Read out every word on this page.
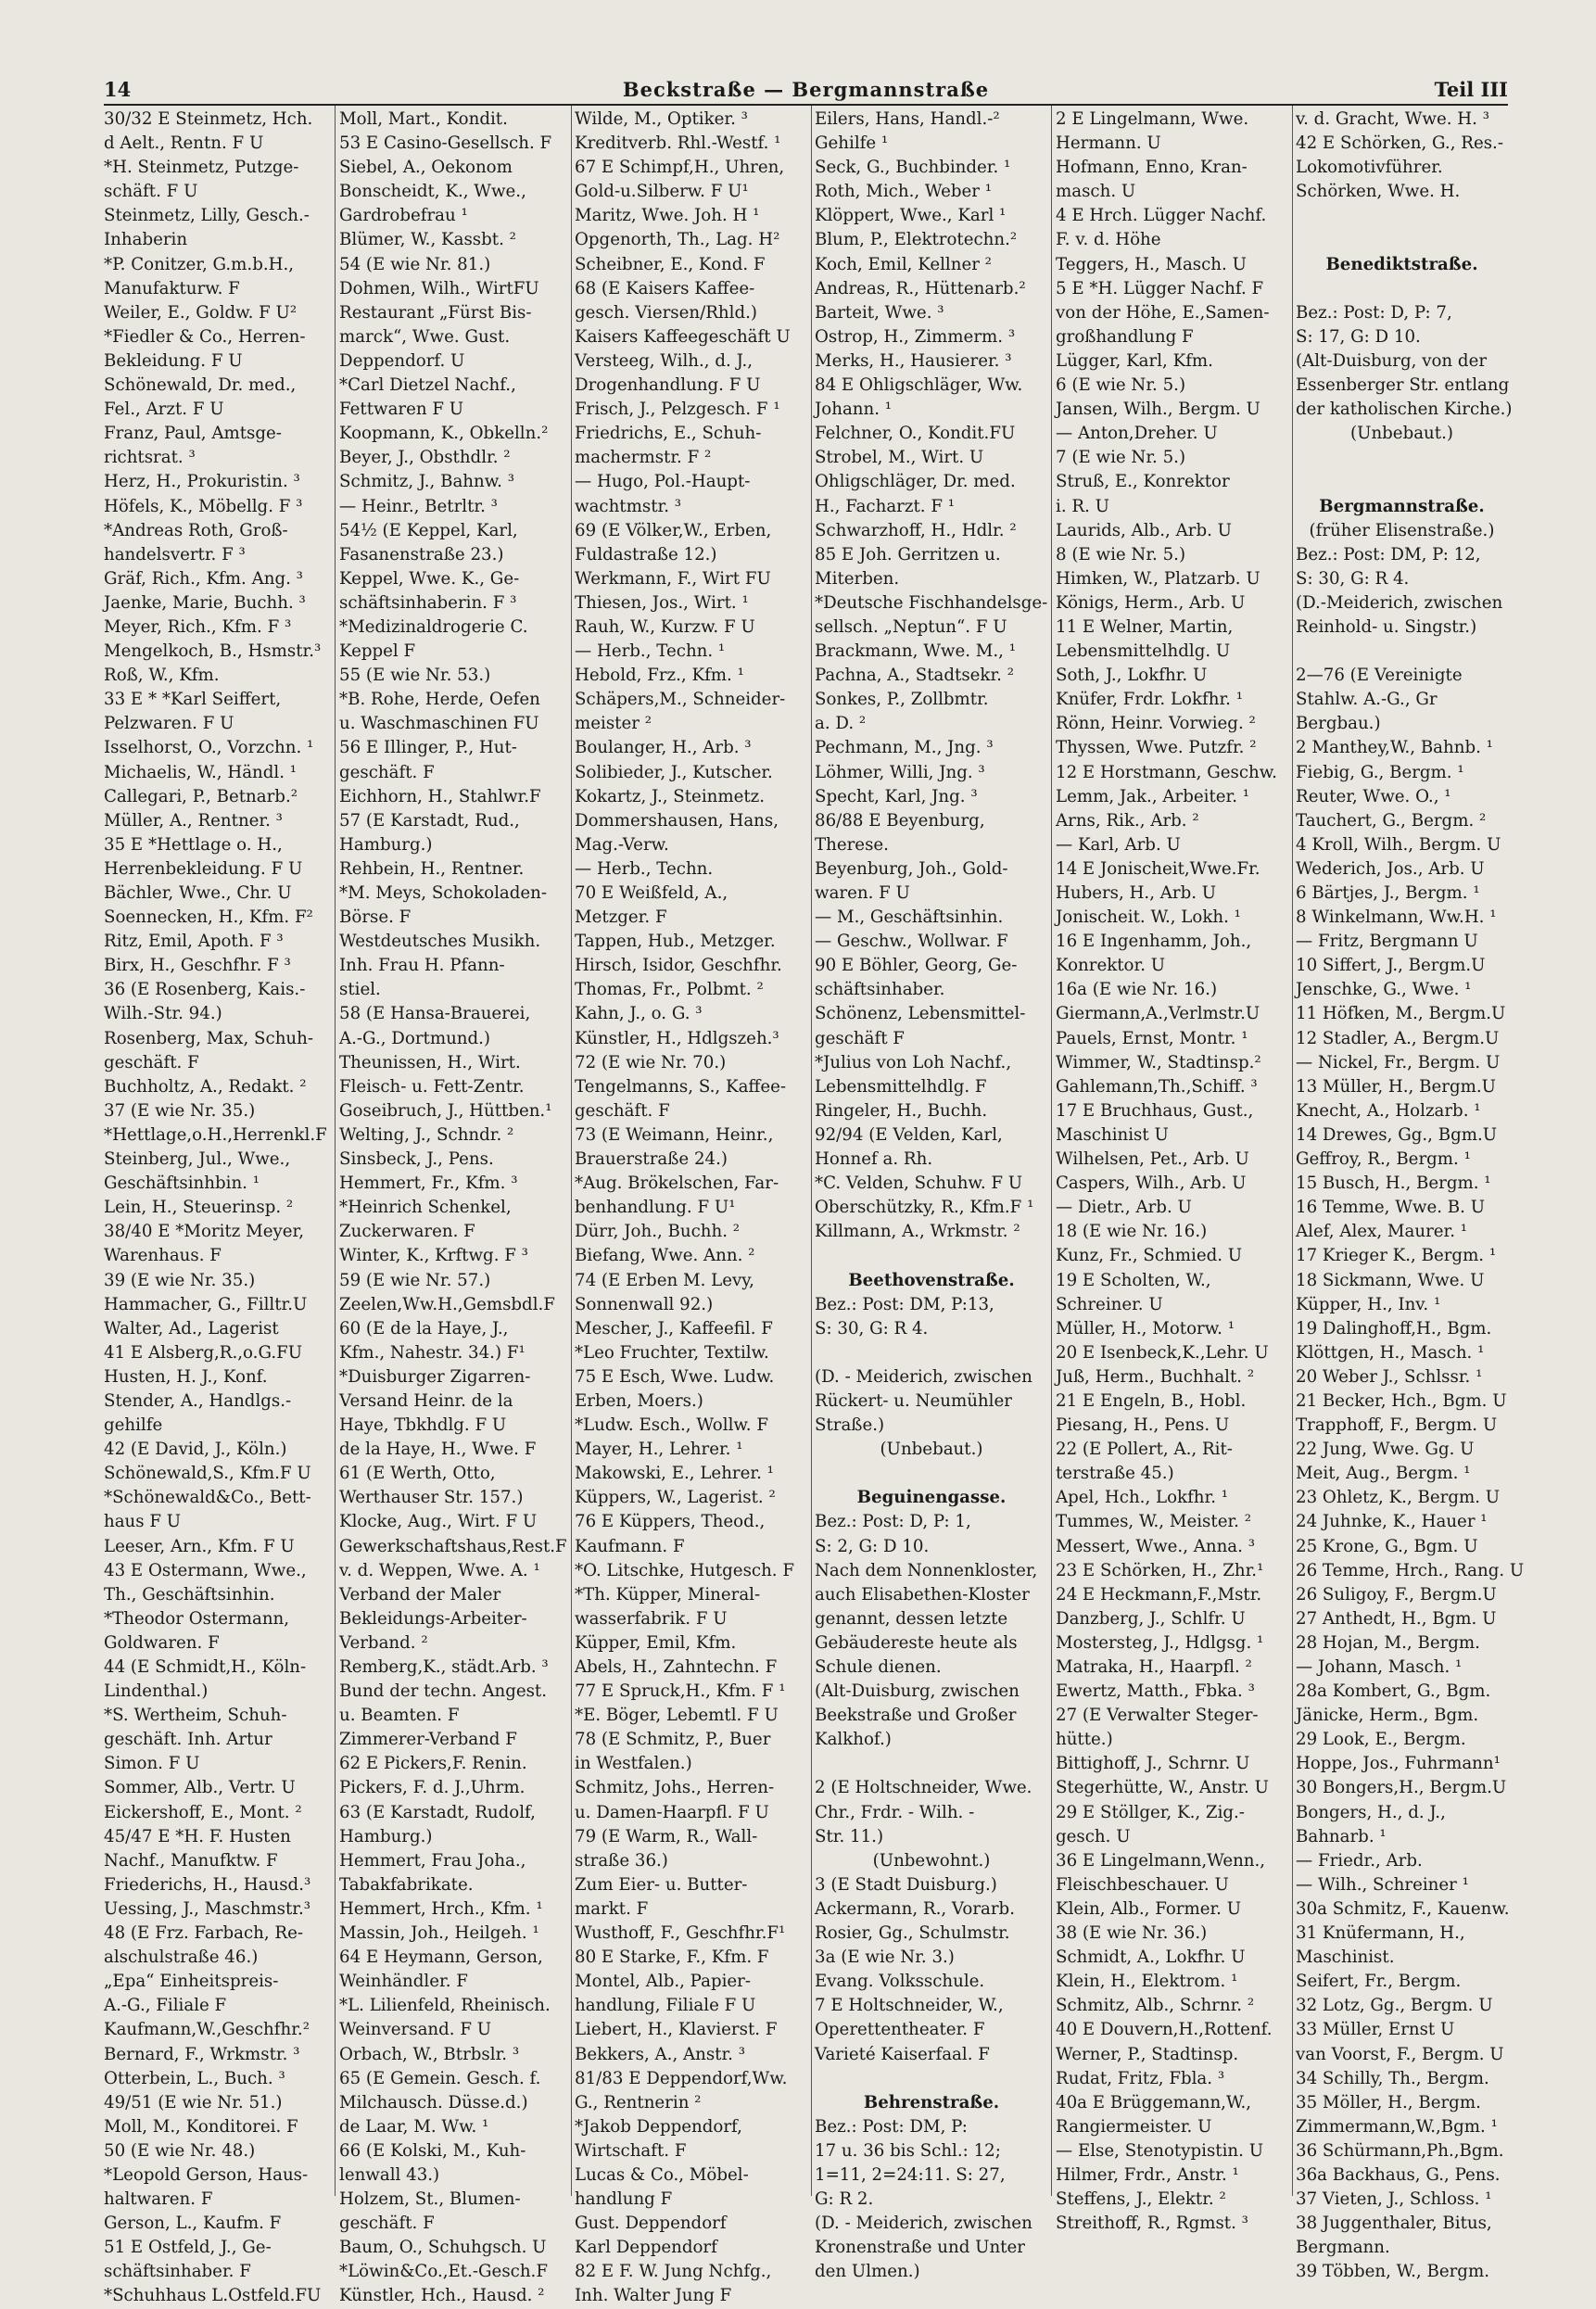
14	Beckstraße — Bergmannstraße	Teil III
30/32 E Steinmetz, Hch.
d Aelt., Rentn. F U
*H. Steinmetz, Putzge-
schäft. F U
Steinmetz, Lilly, Gesch.-
Inhaberin
*P. Conitzer, G.m.b.H.,
Manufakturw. F
Weiler, E., Goldw. F U²
*Fiedler & Co., Herren-
Bekleidung. F U
Schönewald, Dr. med.,
Fel., Arzt. F U
Franz, Paul, Amtsge-
richtsrat. ³
Herz, H., Prokuristin. ³
Höfels, K., Möbellg. F ³
*Andreas Roth, Groß-
handelsvertr. F ³
Gräf, Rich., Kfm. Ang. ³
Jaenke, Marie, Buchh. ³
Meyer, Rich., Kfm. F ³
Mengelkoch, B., Hsmstr.³
Roß, W., Kfm.
33 E * *Karl Seiffert,
Pelzwaren. F U
Isselhorst, O., Vorzchn. ¹
Michaelis, W., Händl. ¹
Callegari, P., Betnarb.²
Müller, A., Rentner. ³
35 E *Hettlage o. H.,
Herrenbekleidung. F U
Bächler, Wwe., Chr. U
Soennecken, H., Kfm. F²
Ritz, Emil, Apoth. F ³
Birx, H., Geschfhr. F ³
36 (E Rosenberg, Kais.-
Wilh.-Str. 94.)
Rosenberg, Max, Schuh-
geschäft. F
Buchholtz, A., Redakt. ²
37 (E wie Nr. 35.)
*Hettlage,o.H.,Herrenkl.F
Steinberg, Jul., Wwe.,
Geschäftsinhbin. ¹
Lein, H., Steuerinsp. ²
38/40 E *Moritz Meyer,
Warenhaus. F
39 (E wie Nr. 35.)
Hammacher, G., Filltr.U
Walter, Ad., Lagerist
41 E Alsberg,R.,o.G.FU
Husten, H. J., Konf.
Stender, A., Handlgs.-
gehilfe
42 (E David, J., Köln.)
Schönewald,S., Kfm.F U
*Schönewald&Co., Bett-
haus F U
Leeser, Arn., Kfm. F U
43 E Ostermann, Wwe.,
Th., Geschäftsinhin.
*Theodor Ostermann,
Goldwaren. F
44 (E Schmidt,H., Köln-
Lindenthal.)
*S. Wertheim, Schuh-
geschäft. Inh. Artur
Simon. F U
Sommer, Alb., Vertr. U
Eickershoff, E., Mont. ²
45/47 E *H. F. Husten
Nachf., Manufktw. F
Friederichs, H., Hausd.³
Uessing, J., Maschmstr.³
48 (E Frz. Farbach, Re-
alschulstraße 46.)
„Epa“ Einheitspreis-
A.-G., Filiale F
Kaufmann,W.,Geschfhr.²
Bernard, F., Wrkmstr. ³
Otterbein, L., Buch. ³
49/51 (E wie Nr. 51.)
Moll, M., Konditorei. F
50 (E wie Nr. 48.)
*Leopold Gerson, Haus-
haltwaren. F
Gerson, L., Kaufm. F
51 E Ostfeld, J., Ge-
schäftsinhaber. F
*Schuhhaus L.Ostfeld.FU
Moll, Mart., Kondit.
53 E Casino-Gesellsch. F
Siebel, A., Oekonom
Bonscheidt, K., Wwe.,
Gardrobefrau ¹
Blümer, W., Kassbt. ²
54 (E wie Nr. 81.)
Dohmen, Wilh., WirtFU
Restaurant „Fürst Bis-
marck“, Wwe. Gust.
Deppendorf. U
*Carl Dietzel Nachf.,
Fettwaren F U
Koopmann, K., Obkelln.²
Beyer, J., Obsthdlr. ²
Schmitz, J., Bahnw. ³
— Heinr., Betrltr. ³
54½ (E Keppel, Karl,
Fasanenstraße 23.)
Keppel, Wwe. K., Ge-
schäftsinhaberin. F ³
*Medizinaldrogerie C.
Keppel F
55 (E wie Nr. 53.)
*B. Rohe, Herde, Oefen
u. Waschmaschinen FU
56 E Illinger, P., Hut-
geschäft. F
Eichhorn, H., Stahlwr.F
57 (E Karstadt, Rud.,
Hamburg.)
Rehbein, H., Rentner.
*M. Meys, Schokoladen-
Börse. F
Westdeutsches Musikh.
Inh. Frau H. Pfann-
stiel.
58 (E Hansa-Brauerei,
A.-G., Dortmund.)
Theunissen, H., Wirt.
Fleisch- u. Fett-Zentr.
Goseibruch, J., Hüttben.¹
Welting, J., Schndr. ²
Sinsbeck, J., Pens.
Hemmert, Fr., Kfm. ³
*Heinrich Schenkel,
Zuckerwaren. F
Winter, K., Krftwg. F ³
59 (E wie Nr. 57.)
Zeelen,Ww.H.,Gemsbdl.F
60 (E de la Haye, J.,
Kfm., Nahestr. 34.) F¹
*Duisburger Zigarren-
Versand Heinr. de la
Haye, Tbkhdlg. F U
de la Haye, H., Wwe. F
61 (E Werth, Otto,
Werthauser Str. 157.)
Klocke, Aug., Wirt. F U
Gewerkschaftshaus,Rest.F
v. d. Weppen, Wwe. A. ¹
Verband der Maler
Bekleidungs-Arbeiter-
Verband. ²
Remberg,K., städt.Arb. ³
Bund der techn. Angest.
u. Beamten. F
Zimmerer-Verband F
62 E Pickers,F. Renin.
Pickers, F. d. J.,Uhrm.
63 (E Karstadt, Rudolf,
Hamburg.)
Hemmert, Frau Joha.,
Tabakfabrikate.
Hemmert, Hrch., Kfm. ¹
Massin, Joh., Heilgeh. ¹
64 E Heymann, Gerson,
Weinhändler. F
*L. Lilienfeld, Rheinisch.
Weinversand. F U
Orbach, W., Btrbslr. ³
65 (E Gemein. Gesch. f.
Milchausch. Düsse.d.)
de Laar, M. Ww. ¹
66 (E Kolski, M., Kuh-
lenwall 43.)
Holzem, St., Blumen-
geschäft. F
Baum, O., Schuhgsch. U
*Löwin&Co.,Et.-Gesch.F
Künstler, Hch., Hausd. ²
Wilde, M., Optiker. ³
Kreditverb. Rhl.-Westf. ¹
67 E Schimpf,H., Uhren,
Gold-u.Silberw. F U¹
Maritz, Wwe. Joh. H ¹
Opgenorth, Th., Lag. H²
Scheibner, E., Kond. F
68 (E Kaisers Kaffee-
gesch. Viersen/Rhld.)
Kaisers Kaffeegeschäft U
Versteeg, Wilh., d. J.,
Drogenhandlung. F U
Frisch, J., Pelzgesch. F ¹
Friedrichs, E., Schuh-
machermstr. F ²
— Hugo, Pol.-Haupt-
wachtmstr. ³
69 (E Völker,W., Erben,
Fuldastraße 12.)
Werkmann, F., Wirt FU
Thiesen, Jos., Wirt. ¹
Rauh, W., Kurzw. F U
— Herb., Techn. ¹
Hebold, Frz., Kfm. ¹
Schäpers,M., Schneider-
meister ²
Boulanger, H., Arb. ³
Solibieder, J., Kutscher.
Kokartz, J., Steinmetz.
Dommershausen, Hans,
Mag.-Verw.
— Herb., Techn.
70 E Weißfeld, A.,
Metzger. F
Tappen, Hub., Metzger.
Hirsch, Isidor, Geschfhr.
Thomas, Fr., Polbmt. ²
Kahn, J., o. G. ³
Künstler, H., Hdlgszeh.³
72 (E wie Nr. 70.)
Tengelmanns, S., Kaffee-
geschäft. F
73 (E Weimann, Heinr.,
Brauerstraße 24.)
*Aug. Brökelschen, Far-
benhandlung. F U¹
Dürr, Joh., Buchh. ²
Biefang, Wwe. Ann. ²
74 (E Erben M. Levy,
Sonnenwall 92.)
Mescher, J., Kaffeefil. F
*Leo Fruchter, Textilw.
75 E Esch, Wwe. Ludw.
Erben, Moers.)
*Ludw. Esch., Wollw. F
Mayer, H., Lehrer. ¹
Makowski, E., Lehrer. ¹
Küppers, W., Lagerist. ²
76 E Küppers, Theod.,
Kaufmann. F
*O. Litschke, Hutgesch. F
*Th. Küpper, Mineral-
wasserfabrik. F U
Küpper, Emil, Kfm.
Abels, H., Zahntechn. F
77 E Spruck,H., Kfm. F ¹
*E. Böger, Lebemtl. F U
78 (E Schmitz, P., Buer
in Westfalen.)
Schmitz, Johs., Herren-
u. Damen-Haarpfl. F U
79 (E Warm, R., Wall-
straße 36.)
Zum Eier- u. Butter-
markt. F
Wusthoff, F., Geschfhr.F¹
80 E Starke, F., Kfm. F
Montel, Alb., Papier-
handlung, Filiale F U
Liebert, H., Klavierst. F
Bekkers, A., Anstr. ³
81/83 E Deppendorf,Ww.
G., Rentnerin ²
*Jakob Deppendorf,
Wirtschaft. F
Lucas & Co., Möbel-
handlung F
Gust. Deppendorf
Karl Deppendorf
82 E F. W. Jung Nchfg.,
Inh. Walter Jung F
Eilers, Hans, Handl.-²
Gehilfe ¹
Seck, G., Buchbinder. ¹
Roth, Mich., Weber ¹
Klöppert, Wwe., Karl ¹
Blum, P., Elektrotechn.²
Koch, Emil, Kellner ²
Andreas, R., Hüttenarb.²
Barteit, Wwe. ³
Ostrop, H., Zimmerm. ³
Merks, H., Hausierer. ³
84 E Ohligschläger, Ww.
Johann. ¹
Felchner, O., Kondit.FU
Strobel, M., Wirt. U
Ohligschläger, Dr. med.
H., Facharzt. F ¹
Schwarzhoff, H., Hdlr. ²
85 E Joh. Gerritzen u.
Miterben.
*Deutsche Fischhandelsge-
sellsch. „Neptun“. F U
Brackmann, Wwe. M., ¹
Pachna, A., Stadtsekr. ²
Sonkes, P., Zollbmtr.
a. D. ²
Pechmann, M., Jng. ³
Löhmer, Willi, Jng. ³
Specht, Karl, Jng. ³
86/88 E Beyenburg,
Therese.
Beyenburg, Joh., Gold-
waren. F U
— M., Geschäftsinhin.
— Geschw., Wollwar. F
90 E Böhler, Georg, Ge-
schäftsinhaber.
Schönenz, Lebensmittel-
geschäft F
*Julius von Loh Nachf.,
Lebensmittelhdlg. F
Ringeler, H., Buchh.
92/94 (E Velden, Karl,
Honnef a. Rh.
*C. Velden, Schuhw. F U
Oberschützky, R., Kfm.F ¹
Killmann, A., Wrkmstr. ²
Beethovenstraße.
Bez.: Post: DM, P:13,
S: 30, G: R 4.
(D. - Meiderich, zwischen
Rückert- u. Neumühler
Straße.)
(Unbebaut.)
Beguinengasse.
Bez.: Post: D, P: 1,
S: 2, G: D 10.
Nach dem Nonnenkloster,
auch Elisabethen-Kloster
genannt, dessen letzte
Gebäudereste heute als
Schule dienen.
(Alt-Duisburg, zwischen
Beekstraße und Großer
Kalkhof.)
2 (E Holtschneider, Wwe.
Chr., Frdr. - Wilh. -
Str. 11.)
(Unbewohnt.)
3 (E Stadt Duisburg.)
Ackermann, R., Vorarb.
Rosier, Gg., Schulmstr.
3a (E wie Nr. 3.)
Evang. Volksschule.
7 E Holtschneider, W.,
Operettentheater. F
Varieté Kaiserfaal. F
Behrenstraße.
Bez.: Post: DM, P:
17 u. 36 bis Schl.: 12;
1=11, 2=24:11. S: 27,
G: R 2.
(D. - Meiderich, zwischen
Kronenstraße und Unter
den Ulmen.)
2 E Lingelmann, Wwe.
Hermann. U
Hofmann, Enno, Kran-
masch. U
4 E Hrch. Lügger Nachf.
F. v. d. Höhe
Teggers, H., Masch. U
5 E *H. Lügger Nachf. F
von der Höhe, E.,Samen-
großhandlung F
Lügger, Karl, Kfm.
6 (E wie Nr. 5.)
Jansen, Wilh., Bergm. U
— Anton,Dreher. U
7 (E wie Nr. 5.)
Struß, E., Konrektor
i. R. U
Laurids, Alb., Arb. U
8 (E wie Nr. 5.)
Himken, W., Platzarb. U
Königs, Herm., Arb. U
11 E Welner, Martin,
Lebensmittelhdlg. U
Soth, J., Lokfhr. U
Knüfer, Frdr. Lokfhr. ¹
Rönn, Heinr. Vorwieg. ²
Thyssen, Wwe. Putzfr. ²
12 E Horstmann, Geschw.
Lemm, Jak., Arbeiter. ¹
Arns, Rik., Arb. ²
— Karl, Arb. U
14 E Jonischeit,Wwe.Fr.
Hubers, H., Arb. U
Jonischeit. W., Lokh. ¹
16 E Ingenhamm, Joh.,
Konrektor. U
16a (E wie Nr. 16.)
Giermann,A.,Verlmstr.U
Pauels, Ernst, Montr. ¹
Wimmer, W., Stadtinsp.²
Gahlemann,Th.,Schiff. ³
17 E Bruchhaus, Gust.,
Maschinist U
Wilhelsen, Pet., Arb. U
Caspers, Wilh., Arb. U
— Dietr., Arb. U
18 (E wie Nr. 16.)
Kunz, Fr., Schmied. U
19 E Scholten, W.,
Schreiner. U
Müller, H., Motorw. ¹
20 E Isenbeck,K.,Lehr. U
Juß, Herm., Buchhalt. ²
21 E Engeln, B., Hobl.
Piesang, H., Pens. U
22 (E Pollert, A., Rit-
terstraße 45.)
Apel, Hch., Lokfhr. ¹
Tummes, W., Meister. ²
Messert, Wwe., Anna. ³
23 E Schörken, H., Zhr.¹
24 E Heckmann,F.,Mstr.
Danzberg, J., Schlfr. U
Mostersteg, J., Hdlgsg. ¹
Matraka, H., Haarpfl. ²
Ewertz, Matth., Fbka. ³
27 (E Verwalter Steger-
hütte.)
Bittighoff, J., Schrnr. U
Stegerhütte, W., Anstr. U
29 E Stöllger, K., Zig.-
gesch. U
36 E Lingelmann,Wenn.,
Fleischbeschauer. U
Klein, Alb., Former. U
38 (E wie Nr. 36.)
Schmidt, A., Lokfhr. U
Klein, H., Elektrom. ¹
Schmitz, Alb., Schrnr. ²
40 E Douvern,H.,Rottenf.
Werner, P., Stadtinsp.
Rudat, Fritz, Fbla. ³
40a E Brüggemann,W.,
Rangiermeister. U
— Else, Stenotypistin. U
Hilmer, Frdr., Anstr. ¹
Steffens, J., Elektr. ²
Streithoff, R., Rgmst. ³
v. d. Gracht, Wwe. H. ³
42 E Schörken, G., Res.-
Lokomotivführer.
Schörken, Wwe. H.
Benediktstraße.
Bez.: Post: D, P: 7,
S: 17, G: D 10.
(Alt-Duisburg, von der
Essenberger Str. entlang
der katholischen Kirche.)
(Unbebaut.)
Bergmannstraße.
(früher Elisenstraße.)
Bez.: Post: DM, P: 12,
S: 30, G: R 4.
(D.-Meiderich, zwischen
Reinhold- u. Singstr.)
2—76 (E Vereinigte
Stahlw. A.-G., Gr
Bergbau.)
2 Manthey,W., Bahnb. ¹
Fiebig, G., Bergm. ¹
Reuter, Wwe. O., ¹
Tauchert, G., Bergm. ²
4 Kroll, Wilh., Bergm. U
Wederich, Jos., Arb. U
6 Bärtjes, J., Bergm. ¹
8 Winkelmann, Ww.H. ¹
— Fritz, Bergmann U
10 Siffert, J., Bergm.U
Jenschke, G., Wwe. ¹
11 Höfken, M., Bergm.U
12 Stadler, A., Bergm.U
— Nickel, Fr., Bergm. U
13 Müller, H., Bergm.U
Knecht, A., Holzarb. ¹
14 Drewes, Gg., Bgm.U
Geffroy, R., Bergm. ¹
15 Busch, H., Bergm. ¹
16 Temme, Wwe. B. U
Alef, Alex, Maurer. ¹
17 Krieger K., Bergm. ¹
18 Sickmann, Wwe. U
Küpper, H., Inv. ¹
19 Dalinghoff,H., Bgm.
Klöttgen, H., Masch. ¹
20 Weber J., Schlssr. ¹
21 Becker, Hch., Bgm. U
Trapphoff, F., Bergm. U
22 Jung, Wwe. Gg. U
Meit, Aug., Bergm. ¹
23 Ohletz, K., Bergm. U
24 Juhnke, K., Hauer ¹
25 Krone, G., Bgm. U
26 Temme, Hrch., Rang. U
26 Suligoy, F., Bergm.U
27 Anthedt, H., Bgm. U
28 Hojan, M., Bergm.
— Johann, Masch. ¹
28a Kombert, G., Bgm.
Jänicke, Herm., Bgm.
29 Look, E., Bergm.
Hoppe, Jos., Fuhrmann¹
30 Bongers,H., Bergm.U
Bongers, H., d. J.,
Bahnarb. ¹
— Friedr., Arb.
— Wilh., Schreiner ¹
30a Schmitz, F., Kauenw.
31 Knüfermann, H.,
Maschinist.
Seifert, Fr., Bergm.
32 Lotz, Gg., Bergm. U
33 Müller, Ernst U
van Voorst, F., Bergm. U
34 Schilly, Th., Bergm.
35 Möller, H., Bergm.
Zimmermann,W.,Bgm. ¹
36 Schürmann,Ph.,Bgm.
36a Backhaus, G., Pens.
37 Vieten, J., Schloss. ¹
38 Juggenthaler, Bitus,
Bergmann.
39 Többen, W., Bergm.
